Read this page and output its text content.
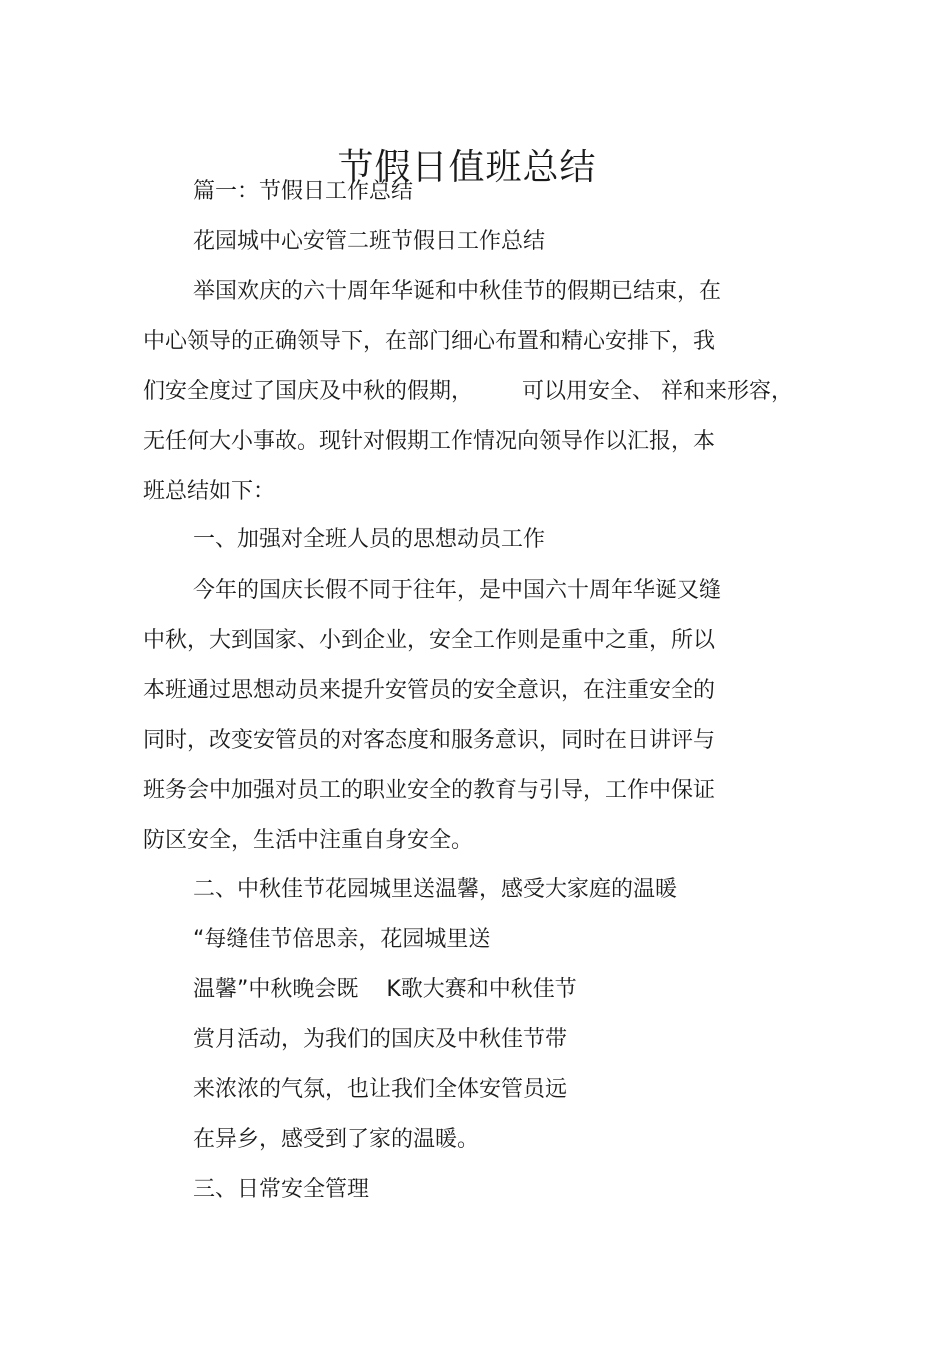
节假日值班总结
篇一：节假日工作总结
花园城中心安管二班节假日工作总结
举国欢庆的六十周年华诞和中秋佳节的假期已结束，在
中心领导的正确领导下，在部门细心布置和精心安排下，我
们安全度过了国庆及中秋的假期，       可以用安全、 祥和来形容，
无任何大小事故。现针对假期工作情况向领导作以汇报，本
班总结如下：
一、加强对全班人员的思想动员工作
今年的国庆长假不同于往年，是中国六十周年华诞又缝
中秋，大到国家、小到企业，安全工作则是重中之重，所以
本班通过思想动员来提升安管员的安全意识，在注重安全的
同时，改变安管员的对客态度和服务意识，同时在日讲评与
班务会中加强对员工的职业安全的教育与引导，工作中保证
防区安全，生活中注重自身安全。
二、中秋佳节花园城里送温馨，感受大家庭的温暖
“每缝佳节倍思亲，花园城里送
温馨”中秋晚会既    K歌大赛和中秋佳节
赏月活动，为我们的国庆及中秋佳节带
来浓浓的气氛，也让我们全体安管员远
在异乡，感受到了家的温暖。
三、日常安全管理
